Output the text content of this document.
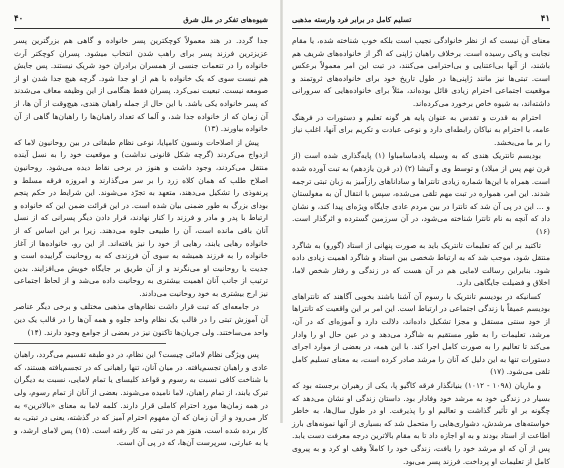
شیوه‌های تفکر در ملل شرق
۴۰

جدا گردد. در هند معمولاً کوچکترین پسر خانواده و گاهی هم بزرگترین پسر عزیزترین فرزند پسر برای راهب شدن انتخاب میشود. پسران کوچکتر اَرث خانواده را در تنعمات جنسی از همسران برادران خود شریک نیستند. پس جایش هم نیست سوی که یک خانواده با هم از او جدا شود. گرچه هیچ جدا شدن او از صومعه نیست. تبعیت نمی‌کرد. پسران فقط هنگامی از این وظیفه معاف می‌شدند که پسر خانواده یکی باشد. با این حال از جمله راهبان هندی، هیچ‌وقت از آن ها، از آن زمان که از خانواده جدا شد، و آلما که تعداد راهبان‌ها را راهبان‌ها گاهی از آن خانواده بیاورند. (۱۳)

پیش از اصلاحات ونسون کامپایا، نوعی نظام طبقاتی در بین روحانیون لاما که ازدواج می‌کردند (گرچه شکل قانونی نداشت) و موقعیت خود را به نسل آینده منتقل می‌کردند، وجود داشت و هنوز در برخی نقاط دیده می‌شود. روحانیون اصلاح طلب که همان کلاه زرد را بر سر می‌گذارند و امروزه فرقه مسلط و پرنفوذی را تشکیل می‌دهند، متعهد به تجرّد می‌شوند. این شرایط در حکم پنجم بودای بزرگ به طور ضمنی بیان شده است. در این قرائت ضمن این که خانواده و ارتباط با پدر و مادر و فرزند را کنار نهادند، قرار دادن دیگر پسرانی که از نسل آنان باقی مانده است، آن را طبیعی جلوه می‌دهند. زیرا بر این اساس که از خانواده رهایی یابند، رهایی از خود را نیز یافته‌اند. از این رو، خانواده‌ها از آغاز خانواده را به فرزند همیشه به سوی آن فرزندی که به روحانیت گراییده است و جدیت یا روحانیت او می‌نگرند و از آن طریق بر جایگاه خویش می‌افزایند. بدین ترتیب از جانب آنان اهمیت بیشتری به روحانیت داده می‌شد و از لحاظ اجتماعی نیز ارج بیشتری به خود روحانیت می‌دادند.

در جامعه‌ای که تبت قرار داشت نظام‌های مذهبی مختلف و برخی دیگر عناصر آن آموزش تبتی را در قالب یک نظام واحد جلوه و همه آن‌ها را در قالب یک دین واحد می‌ساختند. ولی جریان‌ها تاکنون نیز در بعضی از جوامع وجود دارند. (۱۴)

پس ویژگی نظام لامائی چیست؟ این نظام، در دو طبقه تقسیم می‌گردد، راهبان عادی و راهبان تجسم‌یافته. در میان آنان، تنها راهبانی که در تجسم‌یافته هستند، که با شناخت کافی نسبت به رسوم و قواعد کلیسای یا تمام لامایی، نسبت به دیگران تبرک یابند، از تمام راهبان، لاما نامیده می‌شوند. بعضی از آنان از تمام رسوم، ولی در همه زمان‌ها مورد احترام کاملی قرار دارند. کلمه لاما به معنای «بالاترین» به کار می‌رود و از آن زمان که آن مفهوم احترام آمیز که در گذشته، یعنی در تبتی، به کار برده شده است، هنوز هم در تبتی به کار رفته است. (۱۵) پس لامای ارشد، و یا به عبارتی، سرپرست آن‌ها، که در پی آن است.

تسلیم کامل در برابر فرد وارسته مذهبی	۴۱

معنای آن نیست که از نظر خانوادگی نجیب است بلکه خوب شناخته شده، یا مقام نجابت و پاکی رسیده است. برخلاف راهبان ژاپنی که اگر از خانواده‌های شریف هم باشند، از آنها بی‌اعتنایی و بی‌احترامی می‌کنند، در تبت این امر معمولاً برعکس است. تبتی‌ها نیز مانند ژاپنی‌ها در طول تاریخ خود برای خانواده‌های ثروتمند و موقعیت اجتماعی احترام زیادی قائل بوده‌اند، مثلاً برای خانواده‌هایی که سرورانی داشته‌اند، به شیوه خاص برخورد می‌کرده‌اند.

احترام به قدرت و تقدس به عنوان پایه هر گونه تعلیم و دستورات در فرهنگ عامه، با احترام به نیاکان رابطه‌ای دارد و نوعی عبادت و تکریم برای آنها، اغلب نیاز را بر ما می‌بخشد.

بودیسم تانتریک هندی که به وسیله پادماسامباوا (۱) پایه‌گذاری شده است (از قرن نهم پس از میلاد) و توسط وی و آتیشا (۲) (در قرن یازدهم) به تبت آورده شده است. همراه با این‌ها شماره زیادی تانتراها و ساداناهای راز‌آمیز به زبان تبتی ترجمه شدند. این امر، همواره در تبت مهم تلقی می‌شده، سپس با انتقال آن به مغولستان و ... این در پی آن شد که تانترا در بین مردم عادی جایگاه ویژه‌ای پیدا کند، و نشان داد که آنچه به نام تانترا شناخته می‌شود، در آن سرزمین گسترده و اثرگذار است. (۱۶)

تاکتید بر این که تعلیمات تانتریک باید به صورت پنهانی از استاد (گورو) به شاگرد منتقل شود، موجب شد که به ارتباط شخصی بین استاد و شاگرد اهمیت زیادی داده شود. بنابراین رسالت لامایی هم در آن هست که در زندگی و رفتار شخص لاما، اخلاق و فضیلت جایگاهی دارد.

کسانیکه در بودیسم تانتریک با رسوم آن آشنا باشند بخوبی آگاهند که تانتراهای بودیسم عمیقاً با زندگی اجتماعی در ارتباط است. این امر بر این واقعیت که تانتراها از خود سنتی مستقل و مجزا تشکیل داده‌اند، دلالت دارد و آموزه‌ای که در آن، مرشد، تعلیمات را به طور مستقیم به شاگرد می‌دهد و در عین حال او را وادار می‌کند تا تعالیم را به صورت کامل اجرا کند. با این همه، در بعضی از موارد اجرای دستورات تنها به این دلیل که آنان را مرشد صادر کرده است، به معنای تسلیم کامل تلقی می‌شود. (۱۷)

و ماریان (۱۰۹۸ - ۱۰۱۲) بنیانگذار فرقه کاگیو پا، یکی از رهبران برجسته بود که بسیار در زندگی خود به مرشد خود وفادار بود. داستان زندگی او نشان می‌دهد که چگونه بر او تأثیر گذاشت و تعالیم او را پذیرفت. او در طول سال‌ها، به خاطر خواسته‌های مرشدش، دشواری‌هایی را متحمل شد که بسیاری از آنها نمونه‌های بارز اطاعت از استاد بودند و به او اجازه داد تا به مقام بالاترین درجه معرفت دست یابد. پس از آن که او مرشد خود را یافت، زندگی خود را کاملاً وقف او کرد و به پیروی کامل از تعلیمات او پرداخت. فرزند پسر می‌بود.
